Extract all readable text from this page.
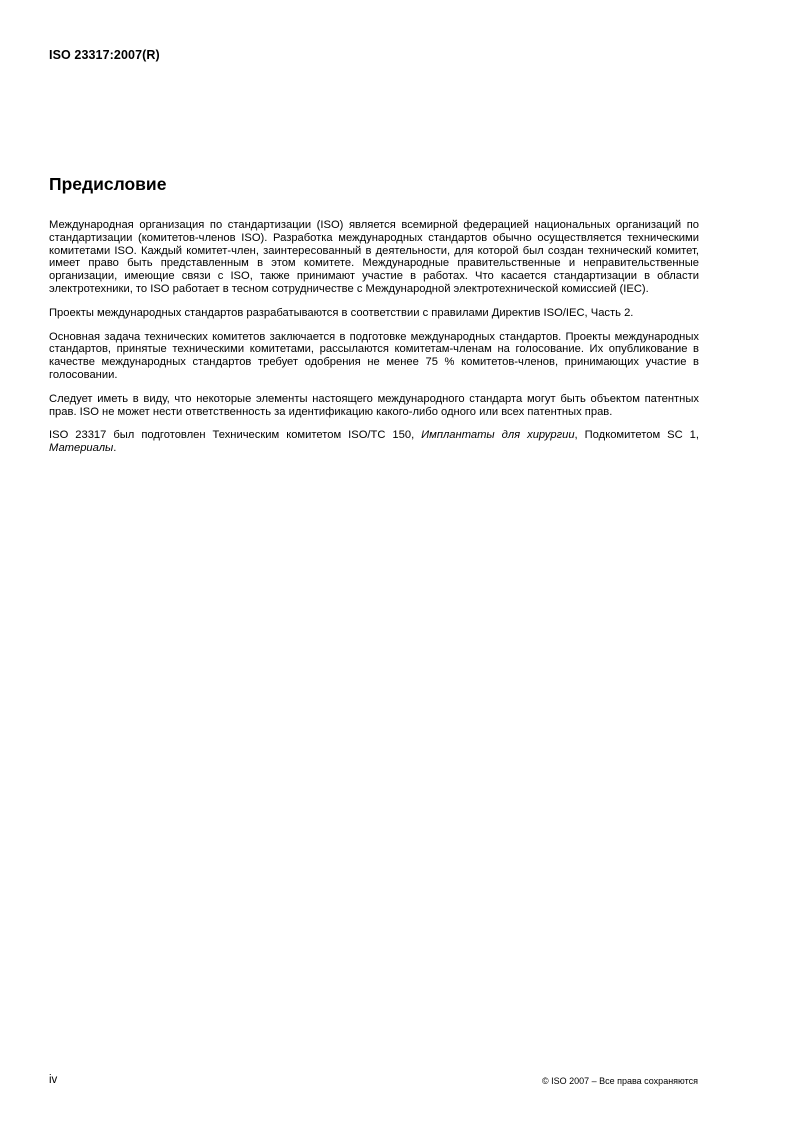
ISO 23317:2007(R)
Предисловие

Международная организация по стандартизации (ISO) является всемирной федерацией национальных организаций по стандартизации (комитетов-членов ISO). Разработка международных стандартов обычно осуществляется техническими комитетами ISO. Каждый комитет-член, заинтересованный в деятельности, для которой был создан технический комитет, имеет право быть представленным в этом комитете. Международные правительственные и неправительственные организации, имеющие связи с ISO, также принимают участие в работах. Что касается стандартизации в области электротехники, то ISO работает в тесном сотрудничестве с Международной электротехнической комиссией (IEC).

Проекты международных стандартов разрабатываются в соответствии с правилами Директив ISO/IEC, Часть 2.

Основная задача технических комитетов заключается в подготовке международных стандартов. Проекты международных стандартов, принятые техническими комитетами, рассылаются комитетам-членам на голосование. Их опубликование в качестве международных стандартов требует одобрения не менее 75 % комитетов-членов, принимающих участие в голосовании.

Следует иметь в виду, что некоторые элементы настоящего международного стандарта могут быть объектом патентных прав. ISO не может нести ответственность за идентификацию какого-либо одного или всех патентных прав.

ISO 23317 был подготовлен Техническим комитетом ISO/TC 150, Имплантаты для хирургии, Подкомитетом SC 1, Материалы.

iv	© ISO 2007 – Все права сохраняются
